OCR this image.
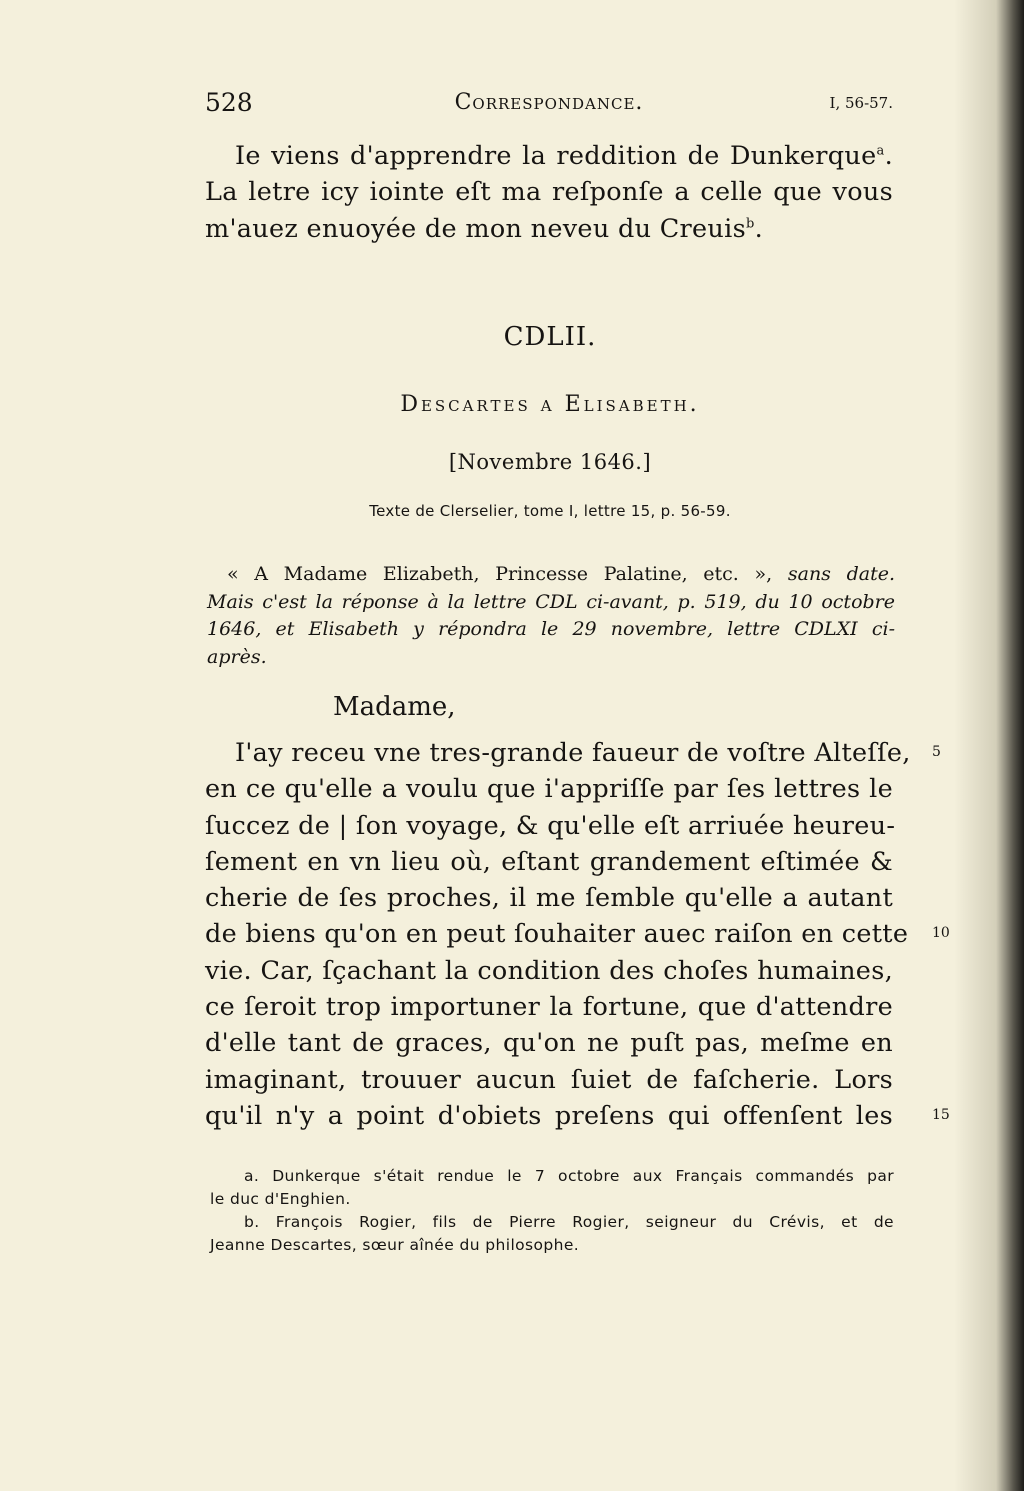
528	Correspondance.	I, 56-57.
Ie viens d'apprendre la reddition de Dunkerque$^a$.
La letre icy iointe eſt ma reſponſe a celle que vous
m'auez enuoyée de mon neveu du Creuis$^b$.
CDLII.
Descartes a Elisabeth.
[Novembre 1646.]
Texte de Clerselier, tome I, lettre 15, p. 56-59.
« A Madame Elizabeth, Princesse Palatine, etc. », sans date.
Mais c'est la réponse à la lettre CDL ci-avant, p. 519, du 10 octobre
1646, et Elisabeth y répondra le 29 novembre, lettre CDLXI ci-
après.
Madame,
I'ay receu vne tres-grande faueur de voſtre Alteſſe,
en ce qu'elle a voulu que i'appriſſe par ſes lettres le
ſuccez de | ſon voyage, & qu'elle eſt arriuée heureu-
ſement en vn lieu où, eſtant grandement eſtimée &
cherie de ſes proches, il me ſemble qu'elle a autant
de biens qu'on en peut ſouhaiter auec raiſon en cette
vie. Car, ſçachant la condition des choſes humaines,
ce ſeroit trop importuner la fortune, que d'attendre
d'elle tant de graces, qu'on ne puſt pas, meſme en
imaginant, trouuer aucun ſuiet de faſcherie. Lors
qu'il n'y a point d'obiets preſens qui offenſent les
5
10
15
a. Dunkerque s'était rendue le 7 octobre aux Français commandés par
le duc d'Enghien.
b. François Rogier, fils de Pierre Rogier, seigneur du Crévis, et de
Jeanne Descartes, sœur aînée du philosophe.
